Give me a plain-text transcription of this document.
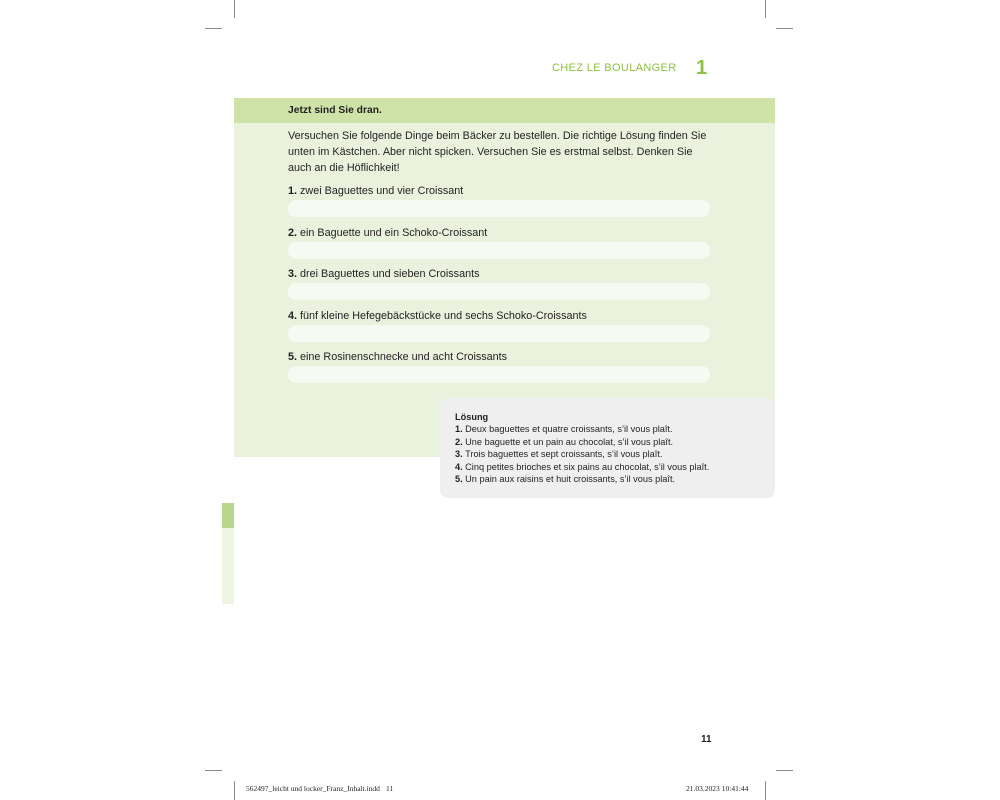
CHEZ LE BOULANGER 1
Jetzt sind Sie dran.

Versuchen Sie folgende Dinge beim Bäcker zu bestellen. Die richtige Lösung finden Sie
unten im Kästchen. Aber nicht spicken. Versuchen Sie es erstmal selbst. Denken Sie
auch an die Höflichkeit!

1. zwei Baguettes und vier Croissant
2. ein Baguette und ein Schoko-Croissant
3. drei Baguettes und sieben Croissants
4. fünf kleine Hefegebäckstücke und sechs Schoko-Croissants
5. eine Rosinenschnecke und acht Croissants
Lösung
1. Deux baguettes et quatre croissants, s’il vous plaît.
2. Une baguette et un pain au chocolat, s’il vous plaît.
3. Trois baguettes et sept croissants, s’il vous plaît.
4. Cinq petites brioches et six pains au chocolat, s’il vous plaît.
5. Un pain aux raisins et huit croissants, s’il vous plaît.
11
562497_leicht und locker_Franz_Inhalt.indd 11	21.03.2023 10:41:44
